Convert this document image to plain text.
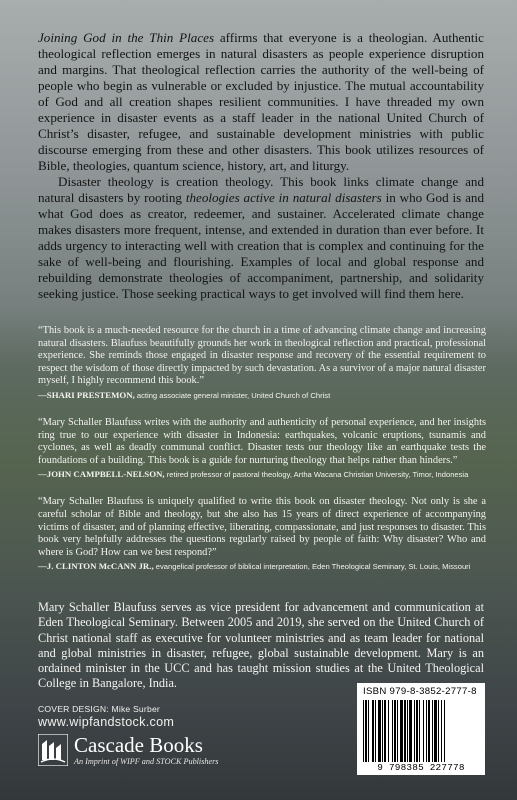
Joining God in the Thin Places affirms that everyone is a theologian. Authentic theological reflection emerges in natural disasters as people experience disruption and margins. That theological reflection carries the authority of the well-being of people who begin as vulnerable or excluded by injustice. The mutual accountability of God and all creation shapes resilient communities. I have threaded my own experience in disaster events as a staff leader in the national United Church of Christ’s disaster, refugee, and sustainable development ministries with public discourse emerging from these and other disasters. This book utilizes resources of Bible, theologies, quantum science, history, art, and liturgy.

Disaster theology is creation theology. This book links climate change and natural disasters by rooting theologies active in natural disasters in who God is and what God does as creator, redeemer, and sustainer. Accelerated climate change makes disasters more frequent, intense, and extended in duration than ever before. It adds urgency to interacting well with creation that is complex and continuing for the sake of well-being and flourishing. Examples of local and global response and rebuilding demonstrate theologies of accompaniment, partnership, and solidarity seeking justice. Those seeking practical ways to get involved will find them here.

“This book is a much-needed resource for the church in a time of advancing climate change and increasing natural disasters. Blaufuss beautifully grounds her work in theological reflection and practical, professional experience. She reminds those engaged in disaster response and recovery of the essential requirement to respect the wisdom of those directly impacted by such devastation. As a survivor of a major natural disaster myself, I highly recommend this book.”

—SHARI PRESTEMON, acting associate general minister, United Church of Christ

“Mary Schaller Blaufuss writes with the authority and authenticity of personal experience, and her insights ring true to our experience with disaster in Indonesia: earthquakes, volcanic eruptions, tsunamis and cyclones, as well as deadly communal conflict. Disaster tests our theology like an earthquake tests the foundations of a building. This book is a guide for nurturing theology that helps rather than hinders.”

—JOHN CAMPBELL-NELSON, retired professor of pastoral theology, Artha Wacana Christian University, Timor, Indonesia

“Mary Schaller Blaufuss is uniquely qualified to write this book on disaster theology. Not only is she a careful scholar of Bible and theology, but she also has 15 years of direct experience of accompanying victims of disaster, and of planning effective, liberating, compassionate, and just responses to disaster. This book very helpfully addresses the questions regularly raised by people of faith: Why disaster? Who and where is God? How can we best respond?”

—J. CLINTON McCANN JR., evangelical professor of biblical interpretation, Eden Theological Seminary, St. Louis, Missouri

Mary Schaller Blaufuss serves as vice president for advancement and communication at Eden Theological Seminary. Between 2005 and 2019, she served on the United Church of Christ national staff as executive for volunteer ministries and as team leader for national and global ministries in disaster, refugee, global sustainable development. Mary is an ordained minister in the UCC and has taught mission studies at the United Theological College in Bangalore, India.

COVER DESIGN: Mike Surber
www.wipfandstock.com
Cascade Books
An Imprint of WIPF and STOCK Publishers
ISBN 979-8-3852-2777-8
9 798385 227778
